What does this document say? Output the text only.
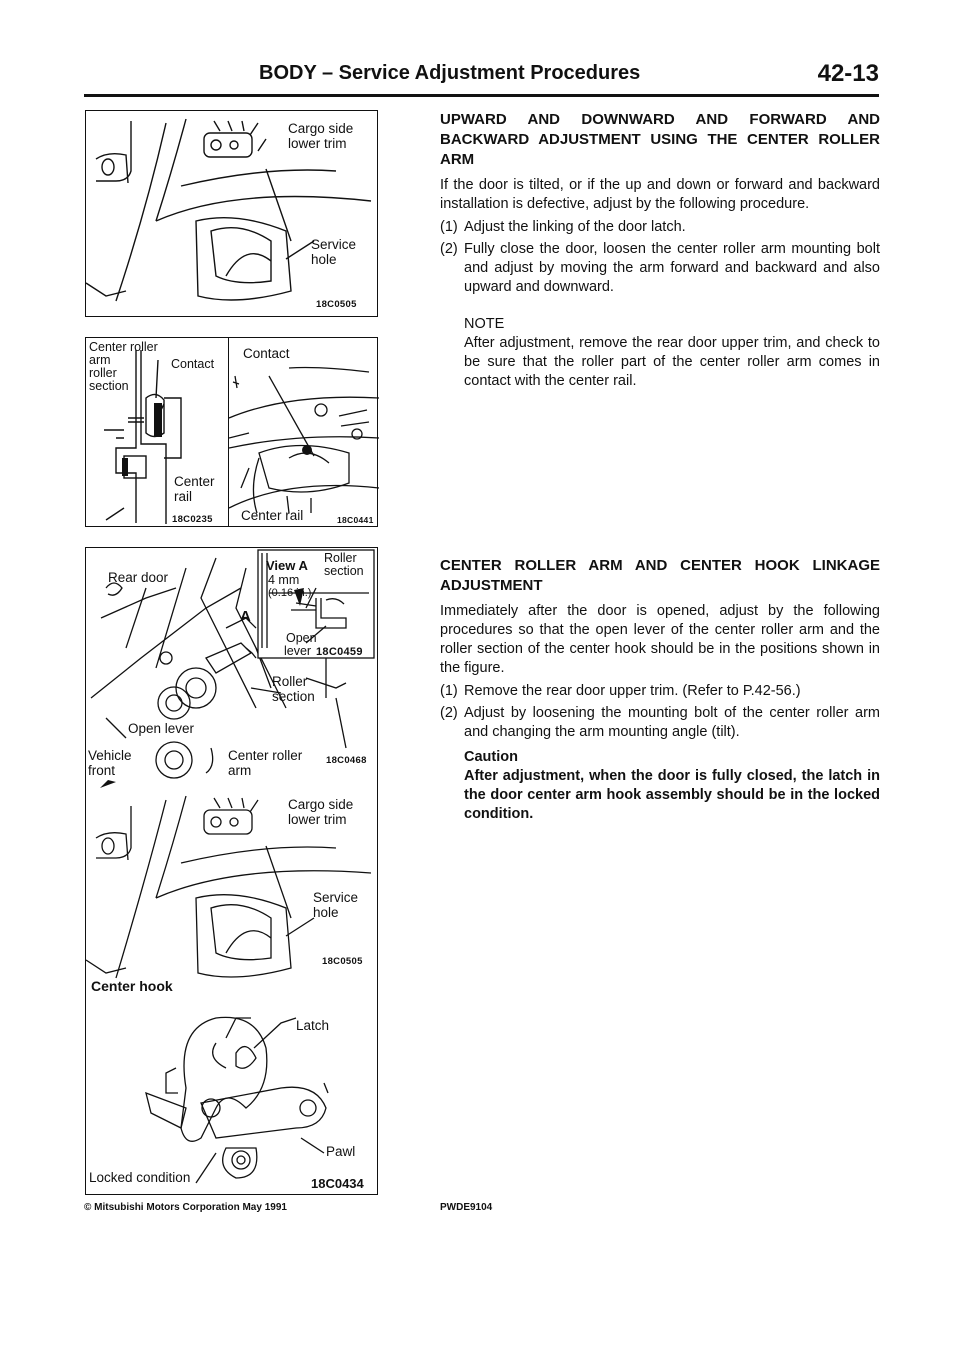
BODY – Service Adjustment Procedures	42-13
Cargo side
lower trim
Service
hole
18C0505
Center roller
arm
roller
section
Contact
Center
rail
18C0235
Contact
Center rail	18C0441
Rear door
View A Roller
section
4 mm
(0.16 in.)
Open
lever 18C0459
A
Roller
section
Open lever
Vehicle
front
Center roller
arm
18C0468
Cargo side
lower trim
Service
hole
18C0505
Center hook
Latch
Pawl
Locked condition	18C0434

UPWARD AND DOWNWARD AND FORWARD AND BACKWARD ADJUSTMENT USING THE CENTER ROLLER ARM

If the door is tilted, or if the up and down or forward and backward installation is defective, adjust by the following procedure.

(1) Adjust the linking of the door latch.
(2) Fully close the door, loosen the center roller arm mounting bolt and adjust by moving the arm forward and backward and also upward and downward.
NOTE
After adjustment, remove the rear door upper trim, and check to be sure that the roller part of the center roller arm comes in contact with the center rail.

CENTER ROLLER ARM AND CENTER HOOK LINKAGE ADJUSTMENT

Immediately after the door is opened, adjust by the following procedures so that the open lever of the center roller arm and the roller section of the center hook should be in the positions shown in the figure.

(1) Remove the rear door upper trim. (Refer to P.42-56.)
(2) Adjust by loosening the mounting bolt of the center roller arm and changing the arm mounting angle (tilt).
Caution
After adjustment, when the door is fully closed, the latch in the door center arm hook assembly should be in the locked condition.
© Mitsubishi Motors Corporation May 1991	PWDE9104
